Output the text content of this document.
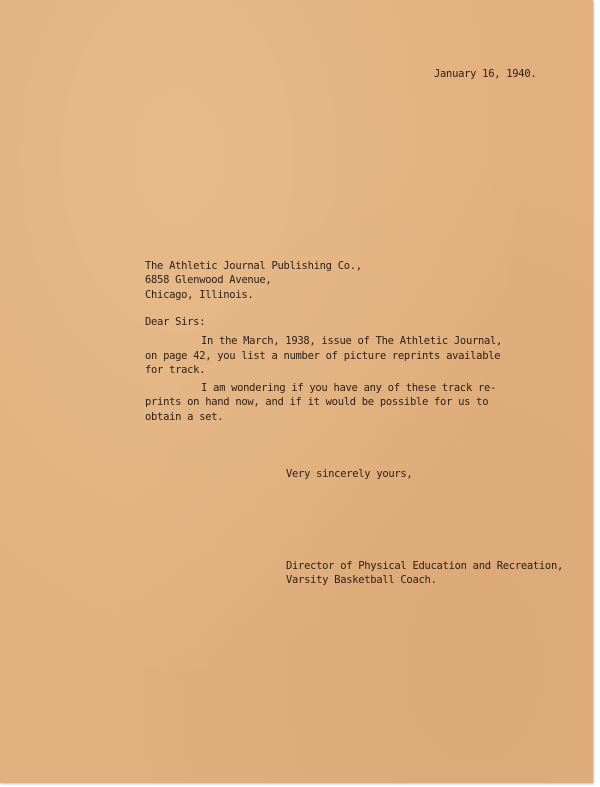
January 16, 1940.
The Athletic Journal Publishing Co.,
6858 Glenwood Avenue,
Chicago, Illinois.
Dear Sirs:
In the March, 1938, issue of The Athletic Journal,
on page 42, you list a number of picture reprints available
for track.
I am wondering if you have any of these track re-
prints on hand now, and if it would be possible for us to
obtain a set.
Very sincerely yours,
Director of Physical Education and Recreation,
Varsity Basketball Coach.
